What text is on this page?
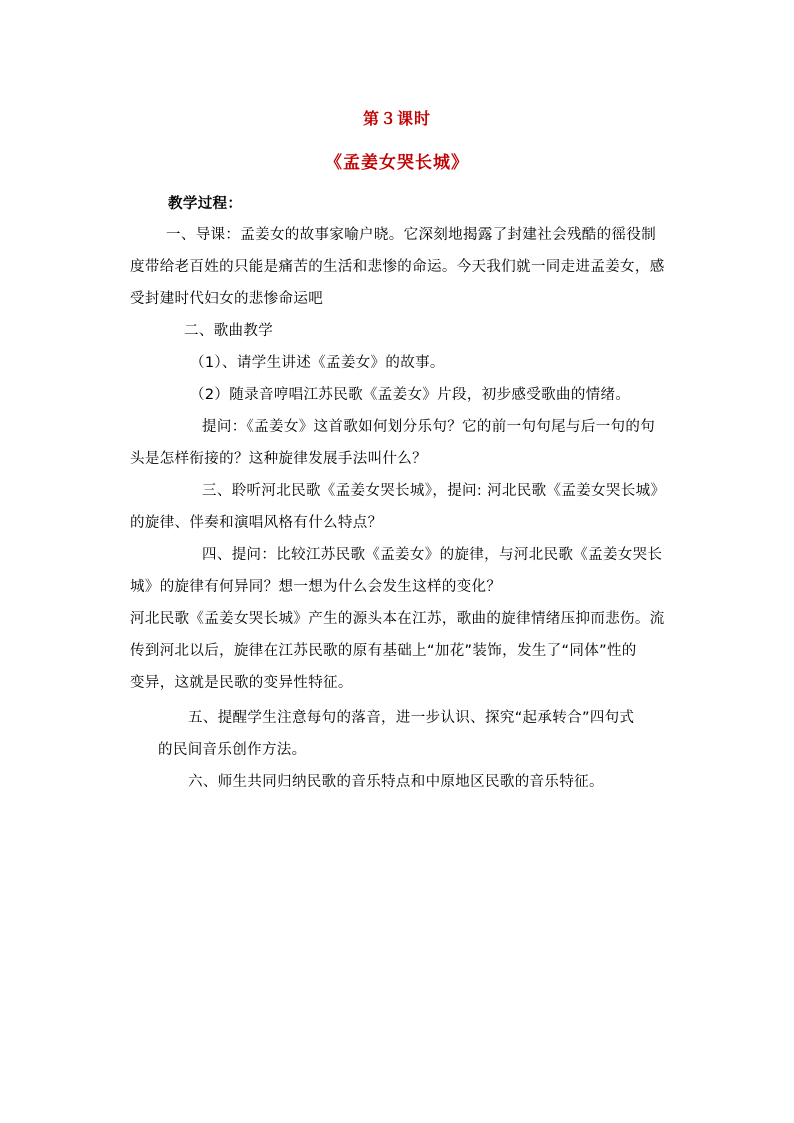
第３课时
《孟姜女哭长城》
教学过程：
一、导课：孟姜女的故事家喻户晓。它深刻地揭露了封建社会残酷的徭役制
度带给老百姓的只能是痛苦的生活和悲惨的命运。今天我们就一同走进孟姜女，感
受封建时代妇女的悲惨命运吧
二、歌曲教学
（1）、请学生讲述《孟姜女》的故事。
（2）随录音哼唱江苏民歌《孟姜女》片段，初步感受歌曲的情绪。
提问：《孟姜女》这首歌如何划分乐句？它的前一句句尾与后一句的句
头是怎样衔接的？这种旋律发展手法叫什么？
三、聆听河北民歌《孟姜女哭长城》，提问: 河北民歌《孟姜女哭长城》
的旋律、伴奏和演唱风格有什么特点？
四、提问：比较江苏民歌《孟姜女》的旋律，与河北民歌《孟姜女哭长
城》的旋律有何异同？想一想为什么会发生这样的变化？
河北民歌《孟姜女哭长城》产生的源头本在江苏，歌曲的旋律情绪压抑而悲伤。流
传到河北以后，旋律在江苏民歌的原有基础上“加花”装饰，发生了“同体”性的
变异，这就是民歌的变异性特征。
五、提醒学生注意每句的落音，进一步认识、探究“起承转合”四句式
的民间音乐创作方法。
六、师生共同归纳民歌的音乐特点和中原地区民歌的音乐特征。
